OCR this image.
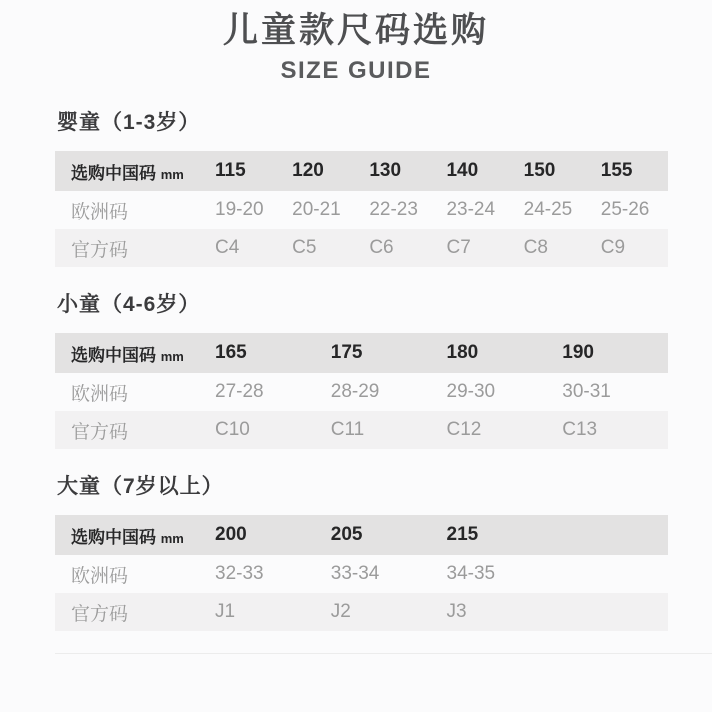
儿童款尺码选购
SIZE GUIDE
婴童（1-3岁）
选购中国码 mm	115	120	130	140	150	155
欧洲码	19-20	20-21	22-23	23-24	24-25	25-26
官方码	C4	C5	C6	C7	C8	C9
小童（4-6岁）
选购中国码 mm	165	175	180	190
欧洲码	27-28	28-29	29-30	30-31
官方码	C10	C11	C12	C13
大童（7岁以上）
选购中国码 mm	200	205	215	
欧洲码	32-33	33-34	34-35	
官方码	J1	J2	J3	
